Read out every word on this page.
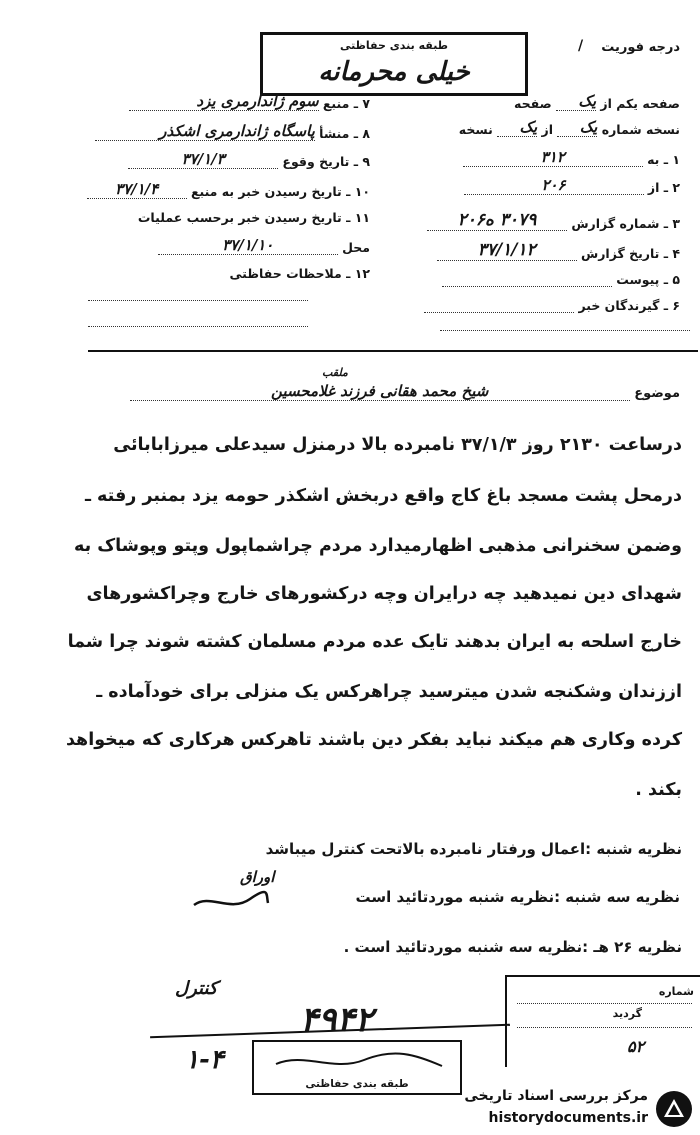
درجه فوریت
/
طبقه بندی حفاظتی
خیلی محرمانه
صفحه یکم از یک صفحه
نسخه شماره یک از یک نسخه
۱ ـ به ۳۱۲
۲ ـ از ۲۰۶
۳ ـ شماره گزارش ۳۰۷۹ ه۲۰۶
۴ ـ تاریخ گزارش ۳۷/۱/۱۲
۵ ـ پیوست
۶ ـ گیرندگان خبر
۷ ـ منبع سوم ژاندارمری یزد
۸ ـ منشأ پاسگاه ژاندارمری اشکذر
۹ ـ تاریخ وقوع ۳۷/۱/۳
۱۰ ـ تاریخ رسیدن خبر به منبع ۳۷/۱/۴
۱۱ ـ تاریخ رسیدن خبر برحسب عملیات
محل ۳۷/۱/۱۰
۱۲ ـ ملاحظات حفاظتی
موضوع شیخ محمد هقانی فرزند غلامحسین
ملقب
درساعت ۲۱۳۰ روز ۳۷/۱/۳ نامبرده بالا درمنزل سیدعلی میرزابابائی
درمحل پشت مسجد باغ کاج واقع دربخش اشکذر حومه یزد بمنبر رفته ـ
وضمن سخنرانی مذهبی اظهارمیدارد مردم چراشماپول وپتو وپوشاک به
شهدای دین نمیدهید چه درایران وچه درکشورهای خارج وچراکشورهای
خارج اسلحه به ایران بدهند تایک عده مردم مسلمان کشته شوند چرا شما
اززندان وشکنجه شدن میترسید چراهرکس یک منزلی برای خودآماده ـ
کرده وکاری هم میکند نباید بفکر دین باشند تاهرکس هرکاری که میخواهد
بکند .
نظریه شنبه :اعمال ورفتار نامبرده بالاتحت کنترل میباشد
نظریه سه شنبه :نظریه شنبه موردتائید است
نظریه ۲۶ هـ :نظریه سه شنبه موردتائید است .
اوراق
کنترل
۴۹۴۲
۱-۴
طبقه بندی حفاظتی
شماره
گردید
۵۲
مرکز بررسی اسناد تاریخی
historydocuments.ir
